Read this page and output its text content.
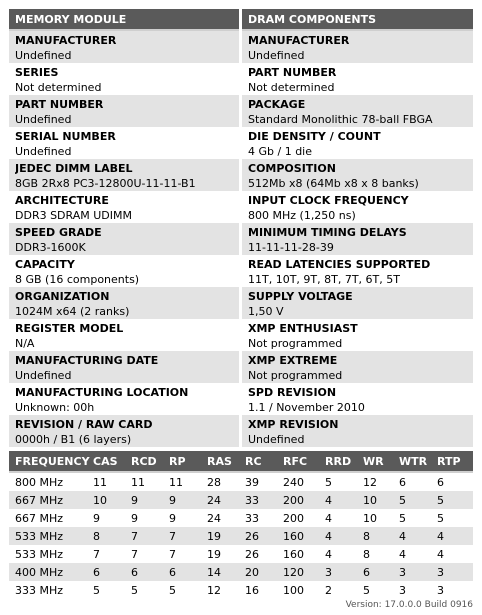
MEMORY MODULE
MANUFACTURER
Undefined
SERIES
Not determined
PART NUMBER
Undefined
SERIAL NUMBER
Undefined
JEDEC DIMM LABEL
8GB 2Rx8 PC3-12800U-11-11-B1
ARCHITECTURE
DDR3 SDRAM UDIMM
SPEED GRADE
DDR3-1600K
CAPACITY
8 GB (16 components)
ORGANIZATION
1024M x64 (2 ranks)
REGISTER MODEL
N/A
MANUFACTURING DATE
Undefined
MANUFACTURING LOCATION
Unknown: 00h
REVISION / RAW CARD
0000h / B1 (6 layers)
DRAM COMPONENTS
MANUFACTURER
Undefined
PART NUMBER
Not determined
PACKAGE
Standard Monolithic 78-ball FBGA
DIE DENSITY / COUNT
4 Gb / 1 die
COMPOSITION
512Mb x8 (64Mb x8 x 8 banks)
INPUT CLOCK FREQUENCY
800 MHz (1,250 ns)
MINIMUM TIMING DELAYS
11-11-11-28-39
READ LATENCIES SUPPORTED
11T, 10T, 9T, 8T, 7T, 6T, 5T
SUPPLY VOLTAGE
1,50 V
XMP ENTHUSIAST
Not programmed
XMP EXTREME
Not programmed
SPD REVISION
1.1 / November 2010
XMP REVISION
Undefined
FREQUENCY	CAS	RCD	RP	RAS	RC	RFC	RRD	WR	WTR	RTP
800 MHz	11	11	11	28	39	240	5	12	6	6
667 MHz	10	9	9	24	33	200	4	10	5	5
667 MHz	9	9	9	24	33	200	4	10	5	5
533 MHz	8	7	7	19	26	160	4	8	4	4
533 MHz	7	7	7	19	26	160	4	8	4	4
400 MHz	6	6	6	14	20	120	3	6	3	3
333 MHz	5	5	5	12	16	100	2	5	3	3
Version: 17.0.0.0 Build 0916
